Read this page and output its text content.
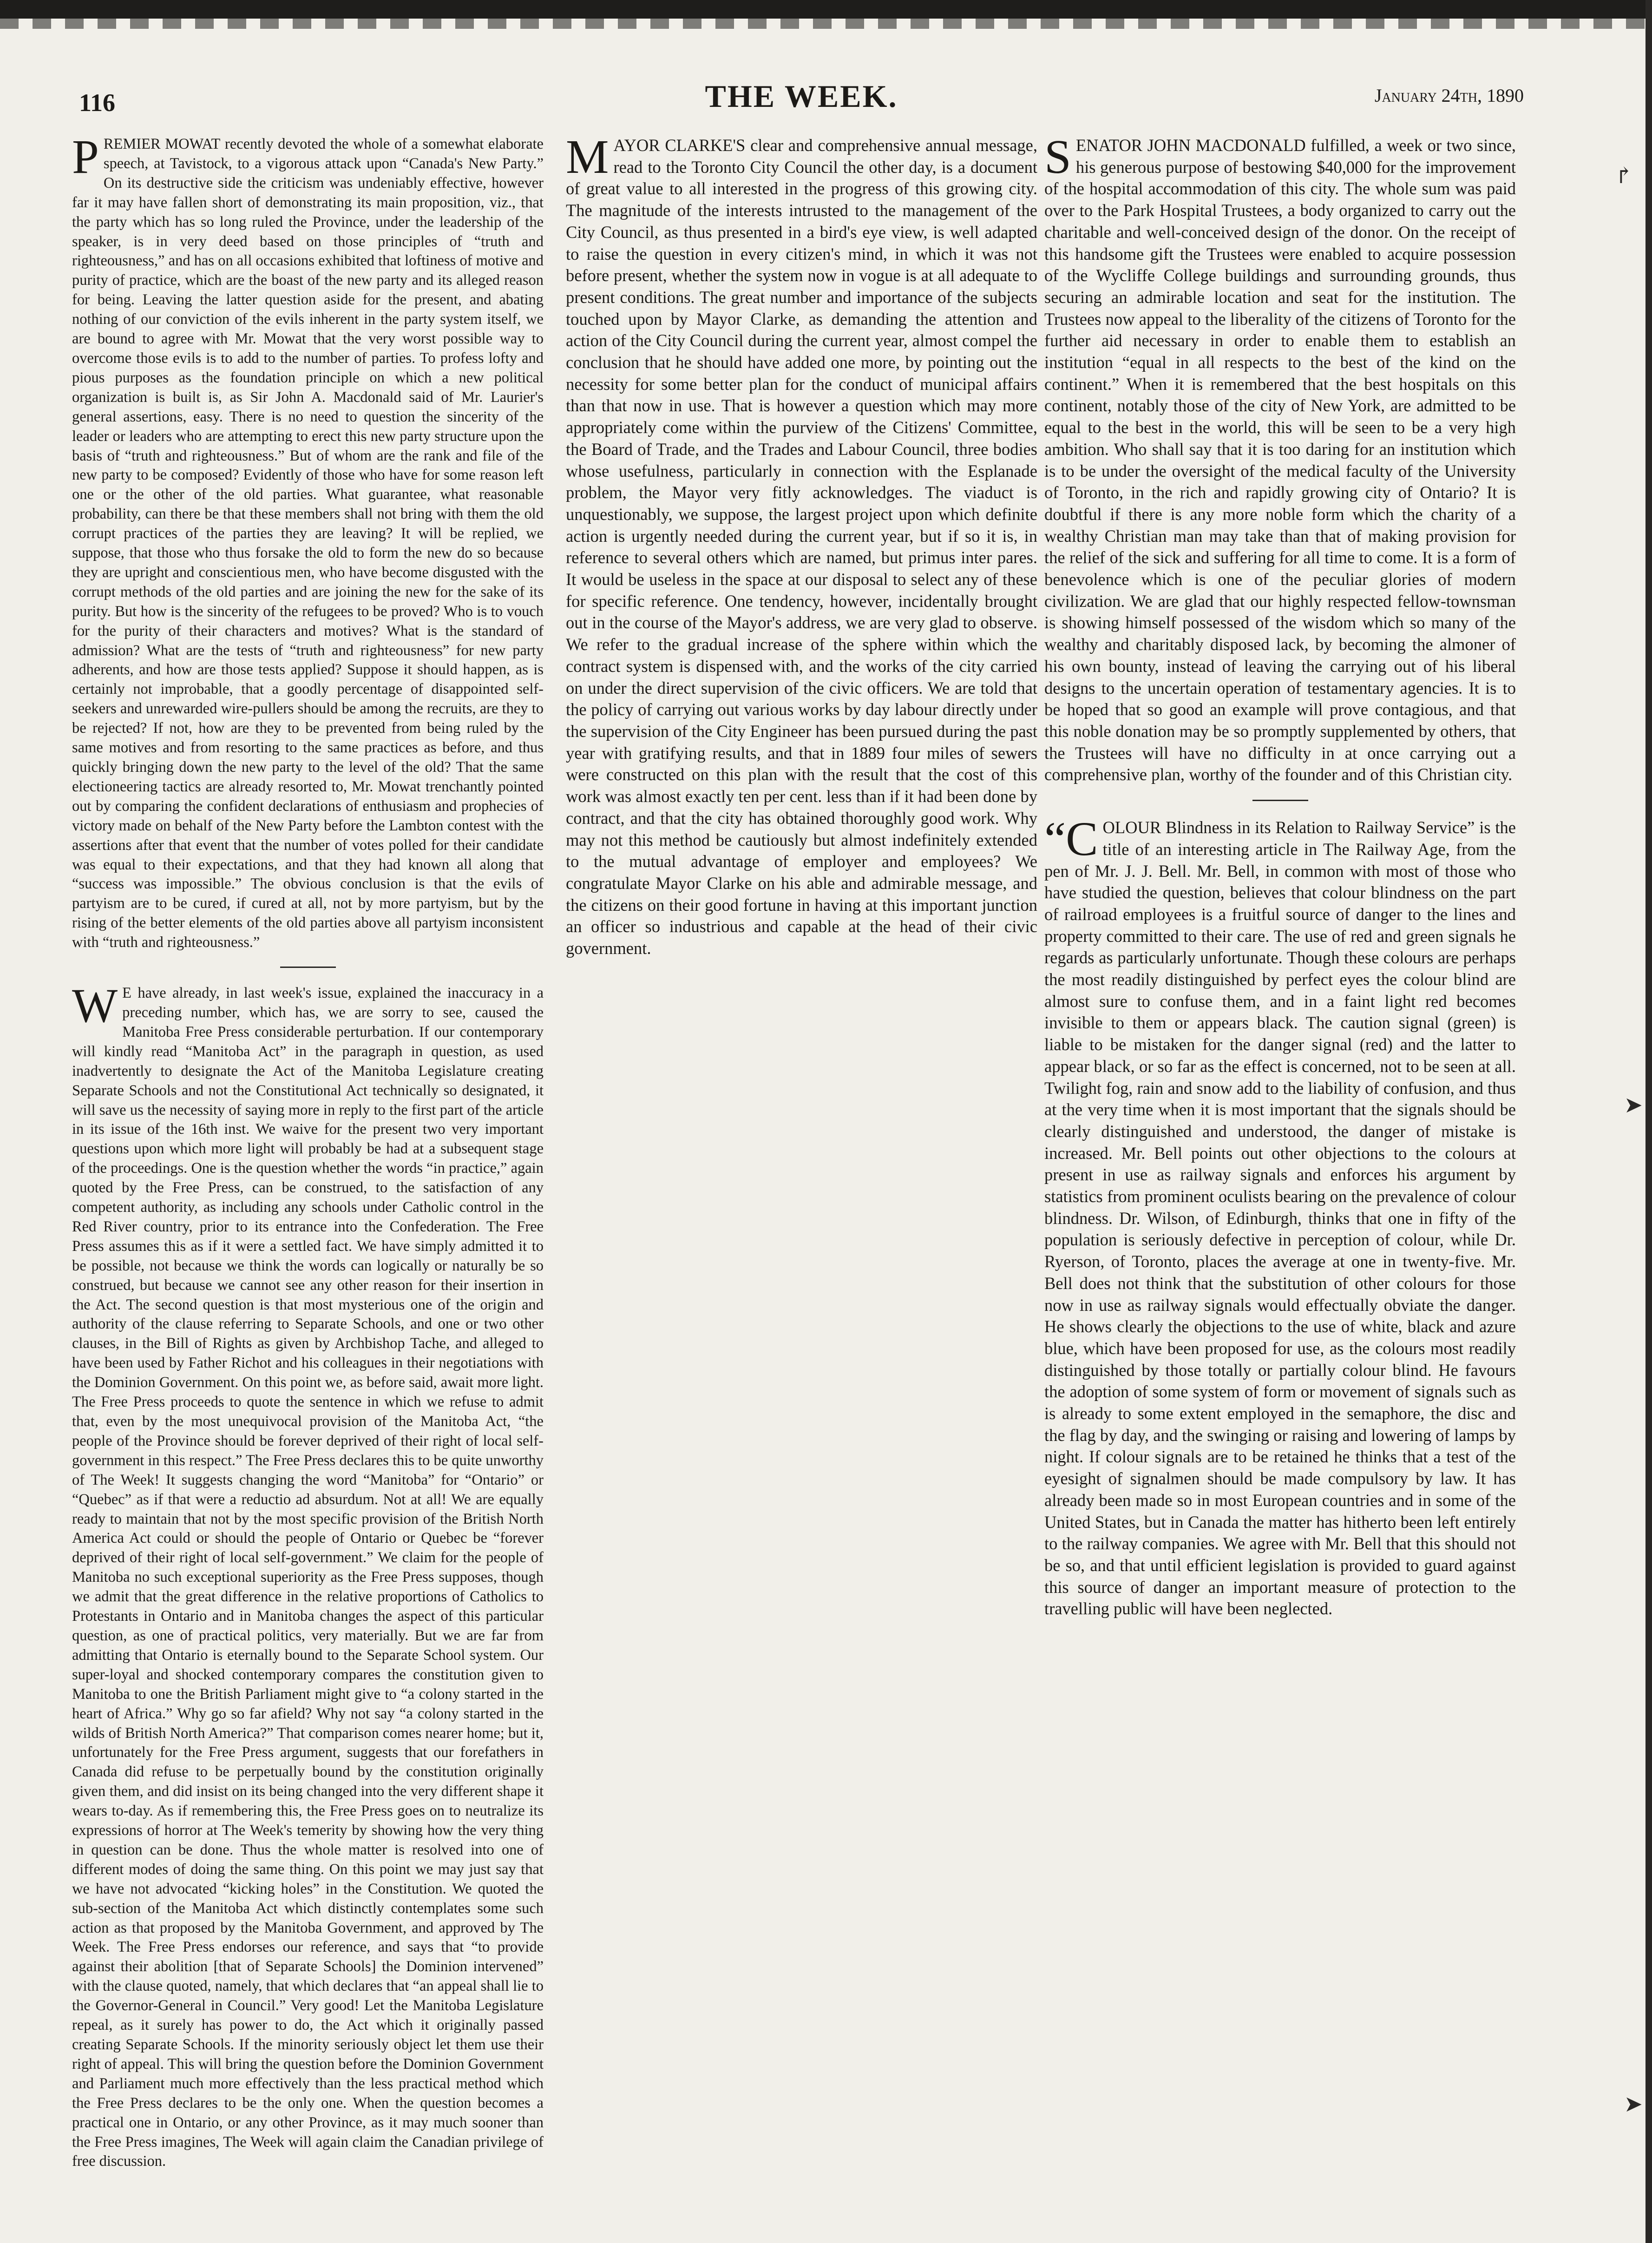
116	THE WEEK.	January 24th, 1890

PREMIER MOWAT recently devoted the whole of a somewhat elaborate speech, at Tavistock, to a vigorous attack upon “Canada's New Party.” On its destructive side the criticism was undeniably effective, however far it may have fallen short of demonstrating its main proposition, viz., that the party which has so long ruled the Province, under the leadership of the speaker, is in very deed based on those principles of “truth and righteousness,” and has on all occasions exhibited that loftiness of motive and purity of practice, which are the boast of the new party and its alleged reason for being. Leaving the latter question aside for the present, and abating nothing of our conviction of the evils inherent in the party system itself, we are bound to agree with Mr. Mowat that the very worst possible way to overcome those evils is to add to the number of parties. To profess lofty and pious purposes as the foundation principle on which a new political organization is built is, as Sir John A. Macdonald said of Mr. Laurier's general assertions, easy. There is no need to question the sincerity of the leader or leaders who are attempting to erect this new party structure upon the basis of “truth and righteousness.” But of whom are the rank and file of the new party to be composed? Evidently of those who have for some reason left one or the other of the old parties. What guarantee, what reasonable probability, can there be that these members shall not bring with them the old corrupt practices of the parties they are leaving? It will be replied, we suppose, that those who thus forsake the old to form the new do so because they are upright and conscientious men, who have become disgusted with the corrupt methods of the old parties and are joining the new for the sake of its purity. But how is the sincerity of the refugees to be proved? Who is to vouch for the purity of their characters and motives? What is the standard of admission? What are the tests of “truth and righteousness” for new party adherents, and how are those tests applied? Suppose it should happen, as is certainly not improbable, that a goodly percentage of disappointed self-seekers and unrewarded wire-pullers should be among the recruits, are they to be rejected? If not, how are they to be prevented from being ruled by the same motives and from resorting to the same practices as before, and thus quickly bringing down the new party to the level of the old? That the same electioneering tactics are already resorted to, Mr. Mowat trenchantly pointed out by comparing the confident declarations of enthusiasm and prophecies of victory made on behalf of the New Party before the Lambton contest with the assertions after that event that the number of votes polled for their candidate was equal to their expectations, and that they had known all along that “success was impossible.” The obvious conclusion is that the evils of partyism are to be cured, if cured at all, not by more partyism, but by the rising of the better elements of the old parties above all partyism inconsistent with “truth and righteousness.”

W E have already, in last week's issue, explained the inaccuracy in a preceding number, which has, we are sorry to see, caused the Manitoba Free Press considerable perturbation. If our contemporary will kindly read “Manitoba Act” in the paragraph in question, as used inadvertently to designate the Act of the Manitoba Legislature creating Separate Schools and not the Constitutional Act technically so designated, it will save us the necessity of saying more in reply to the first part of the article in its issue of the 16th inst. We waive for the present two very important questions upon which more light will probably be had at a subsequent stage of the proceedings. One is the question whether the words “in practice,” again quoted by the Free Press, can be construed, to the satisfaction of any competent authority, as including any schools under Catholic control in the Red River country, prior to its entrance into the Confederation. The Free Press assumes this as if it were a settled fact. We have simply admitted it to be possible, not because we think the words can logically or naturally be so construed, but because we cannot see any other reason for their insertion in the Act. The second question is that most mysterious one of the origin and authority of the clause referring to Separate Schools, and one or two other clauses, in the Bill of Rights as given by Archbishop Tache, and alleged to have been used by Father Richot and his colleagues in their negotiations with the Dominion Government. On this point we, as before said, await more light. The Free Press proceeds to quote the sentence in which we refuse to admit that, even by the most unequivocal provision of the Manitoba Act, “the people of the Province should be forever deprived of their right of local self-government in this respect.” The Free Press declares this to be quite unworthy of The Week! It suggests changing the word “Manitoba” for “Ontario” or “Quebec” as if that were a reductio ad absurdum. Not at all! We are equally ready to maintain that not by the most specific provision of the British North America Act could or should the people of Ontario or Quebec be “forever deprived of their right of local self-government.” We claim for the people of Manitoba no such exceptional superiority as the Free Press supposes, though we admit that the great difference in the relative proportions of Catholics to Protestants in Ontario and in Manitoba changes the aspect of this particular question, as one of practical politics, very materially. But we are far from admitting that Ontario is eternally bound to the Separate School system. Our super-loyal and shocked contemporary compares the constitution given to Manitoba to one the British Parliament might give to “a colony started in the heart of Africa.” Why go so far afield? Why not say “a colony started in the wilds of British North America?” That comparison comes nearer home; but it, unfortunately for the Free Press argument, suggests that our forefathers in Canada did refuse to be perpetually bound by the constitution originally given them, and did insist on its being changed into the very different shape it wears to-day. As if remembering this, the Free Press goes on to neutralize its expressions of horror at The Week's temerity by showing how the very thing in question can be done. Thus the whole matter is resolved into one of different modes of doing the same thing. On this point we may just say that we have not advocated “kicking holes” in the Constitution. We quoted the sub-section of the Manitoba Act which distinctly contemplates some such action as that proposed by the Manitoba Government, and approved by The Week. The Free Press endorses our reference, and says that “to provide against their abolition [that of Separate Schools] the Dominion intervened” with the clause quoted, namely, that which declares that “an appeal shall lie to the Governor-General in Council.” Very good! Let the Manitoba Legislature repeal, as it surely has power to do, the Act which it originally passed creating Separate Schools. If the minority seriously object let them use their right of appeal. This will bring the question before the Dominion Government and Parliament much more effectively than the less practical method which the Free Press declares to be the only one. When the question becomes a practical one in Ontario, or any other Province, as it may much sooner than the Free Press imagines, The Week will again claim the Canadian privilege of free discussion.

MAYOR CLARKE'S clear and comprehensive annual message, read to the Toronto City Council the other day, is a document of great value to all interested in the progress of this growing city. The magnitude of the interests intrusted to the management of the City Council, as thus presented in a bird's eye view, is well adapted to raise the question in every citizen's mind, in which it was not before present, whether the system now in vogue is at all adequate to present conditions. The great number and importance of the subjects touched upon by Mayor Clarke, as demanding the attention and action of the City Council during the current year, almost compel the conclusion that he should have added one more, by pointing out the necessity for some better plan for the conduct of municipal affairs than that now in use. That is however a question which may more appropriately come within the purview of the Citizens' Committee, the Board of Trade, and the Trades and Labour Council, three bodies whose usefulness, particularly in connection with the Esplanade problem, the Mayor very fitly acknowledges. The viaduct is unquestionably, we suppose, the largest project upon which definite action is urgently needed during the current year, but if so it is, in reference to several others which are named, but primus inter pares. It would be useless in the space at our disposal to select any of these for specific reference. One tendency, however, incidentally brought out in the course of the Mayor's address, we are very glad to observe. We refer to the gradual increase of the sphere within which the contract system is dispensed with, and the works of the city carried on under the direct supervision of the civic officers. We are told that the policy of carrying out various works by day labour directly under the supervision of the City Engineer has been pursued during the past year with gratifying results, and that in 1889 four miles of sewers were constructed on this plan with the result that the cost of this work was almost exactly ten per cent. less than if it had been done by contract, and that the city has obtained thoroughly good work. Why may not this method be cautiously but almost indefinitely extended to the mutual advantage of employer and employees? We congratulate Mayor Clarke on his able and admirable message, and the citizens on their good fortune in having at this important junction an officer so industrious and capable at the head of their civic government.

SENATOR JOHN MACDONALD fulfilled, a week or two since, his generous purpose of bestowing $40,000 for the improvement of the hospital accommodation of this city. The whole sum was paid over to the Park Hospital Trustees, a body organized to carry out the charitable and well-conceived design of the donor. On the receipt of this handsome gift the Trustees were enabled to acquire possession of the Wycliffe College buildings and surrounding grounds, thus securing an admirable location and seat for the institution. The Trustees now appeal to the liberality of the citizens of Toronto for the further aid necessary in order to enable them to establish an institution “equal in all respects to the best of the kind on the continent.” When it is remembered that the best hospitals on this continent, notably those of the city of New York, are admitted to be equal to the best in the world, this will be seen to be a very high ambition. Who shall say that it is too daring for an institution which is to be under the oversight of the medical faculty of the University of Toronto, in the rich and rapidly growing city of Ontario? It is doubtful if there is any more noble form which the charity of a wealthy Christian man may take than that of making provision for the relief of the sick and suffering for all time to come. It is a form of benevolence which is one of the peculiar glories of modern civilization. We are glad that our highly respected fellow-townsman is showing himself possessed of the wisdom which so many of the wealthy and charitably disposed lack, by becoming the almoner of his own bounty, instead of leaving the carrying out of his liberal designs to the uncertain operation of testamentary agencies. It is to be hoped that so good an example will prove contagious, and that this noble donation may be so promptly supplemented by others, that the Trustees will have no difficulty in at once carrying out a comprehensive plan, worthy of the founder and of this Christian city.

“COLOUR Blindness in its Relation to Railway Service” is the title of an interesting article in The Railway Age, from the pen of Mr. J. J. Bell. Mr. Bell, in common with most of those who have studied the question, believes that colour blindness on the part of railroad employees is a fruitful source of danger to the lines and property committed to their care. The use of red and green signals he regards as particularly unfortunate. Though these colours are perhaps the most readily distinguished by perfect eyes the colour blind are almost sure to confuse them, and in a faint light red becomes invisible to them or appears black. The caution signal (green) is liable to be mistaken for the danger signal (red) and the latter to appear black, or so far as the effect is concerned, not to be seen at all. Twilight fog, rain and snow add to the liability of confusion, and thus at the very time when it is most important that the signals should be clearly distinguished and understood, the danger of mistake is increased. Mr. Bell points out other objections to the colours at present in use as railway signals and enforces his argument by statistics from prominent oculists bearing on the prevalence of colour blindness. Dr. Wilson, of Edinburgh, thinks that one in fifty of the population is seriously defective in perception of colour, while Dr. Ryerson, of Toronto, places the average at one in twenty-five. Mr. Bell does not think that the substitution of other colours for those now in use as railway signals would effectually obviate the danger. He shows clearly the objections to the use of white, black and azure blue, which have been proposed for use, as the colours most readily distinguished by those totally or partially colour blind. He favours the adoption of some system of form or movement of signals such as is already to some extent employed in the semaphore, the disc and the flag by day, and the swinging or raising and lowering of lamps by night. If colour signals are to be retained he thinks that a test of the eyesight of signalmen should be made compulsory by law. It has already been made so in most European countries and in some of the United States, but in Canada the matter has hitherto been left entirely to the railway companies. We agree with Mr. Bell that this should not be so, and that until efficient legislation is provided to guard against this source of danger an important measure of protection to the travelling public will have been neglected.

↱
➤
➤
